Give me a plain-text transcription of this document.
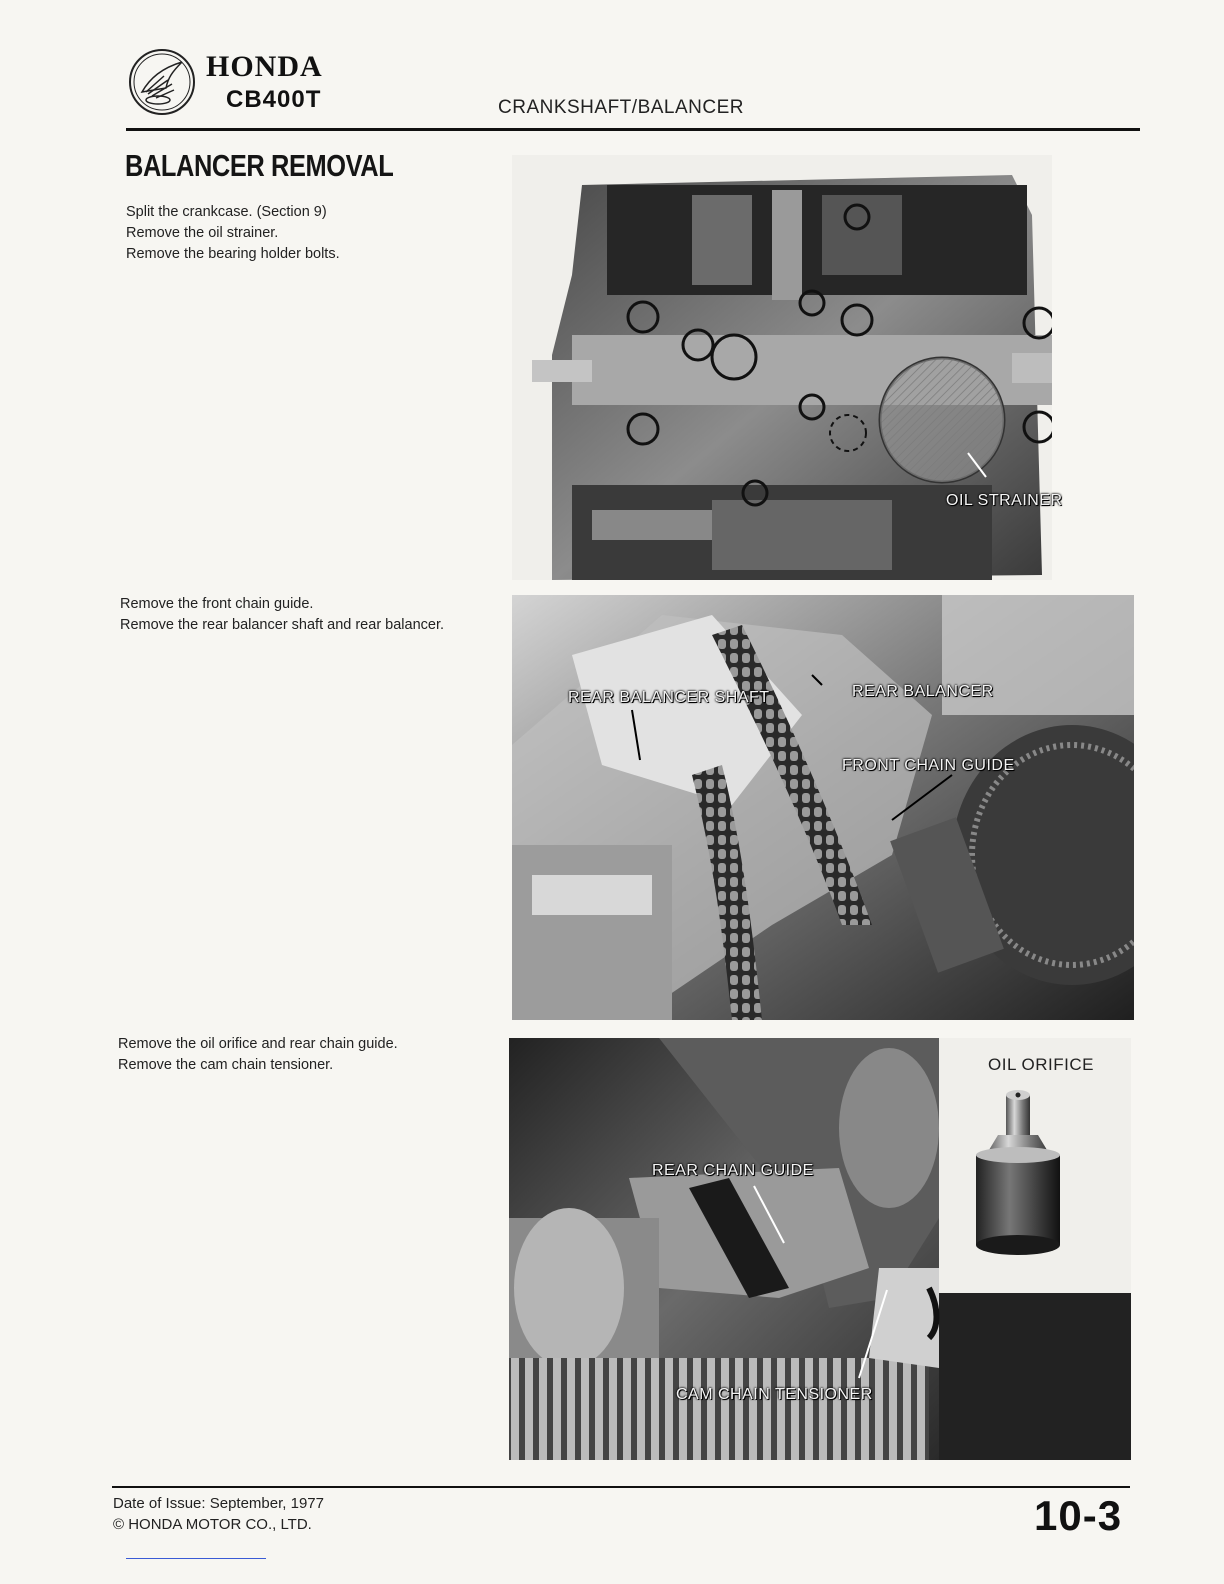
HONDA
CB400T	CRANKSHAFT/BALANCER
BALANCER REMOVAL
Split the crankcase. (Section 9)
Remove the oil strainer.
Remove the bearing holder bolts.
OIL STRAINER
Remove the front chain guide.
Remove the rear balancer shaft and rear balancer.
REAR BALANCER SHAFT	REAR BALANCER
FRONT CHAIN GUIDE
Remove the oil orifice and rear chain guide.
Remove the cam chain tensioner.
REAR CHAIN GUIDE
CAM CHAIN TENSIONER
OIL ORIFICE
Date of Issue: September, 1977
© HONDA MOTOR CO., LTD.	10-3
